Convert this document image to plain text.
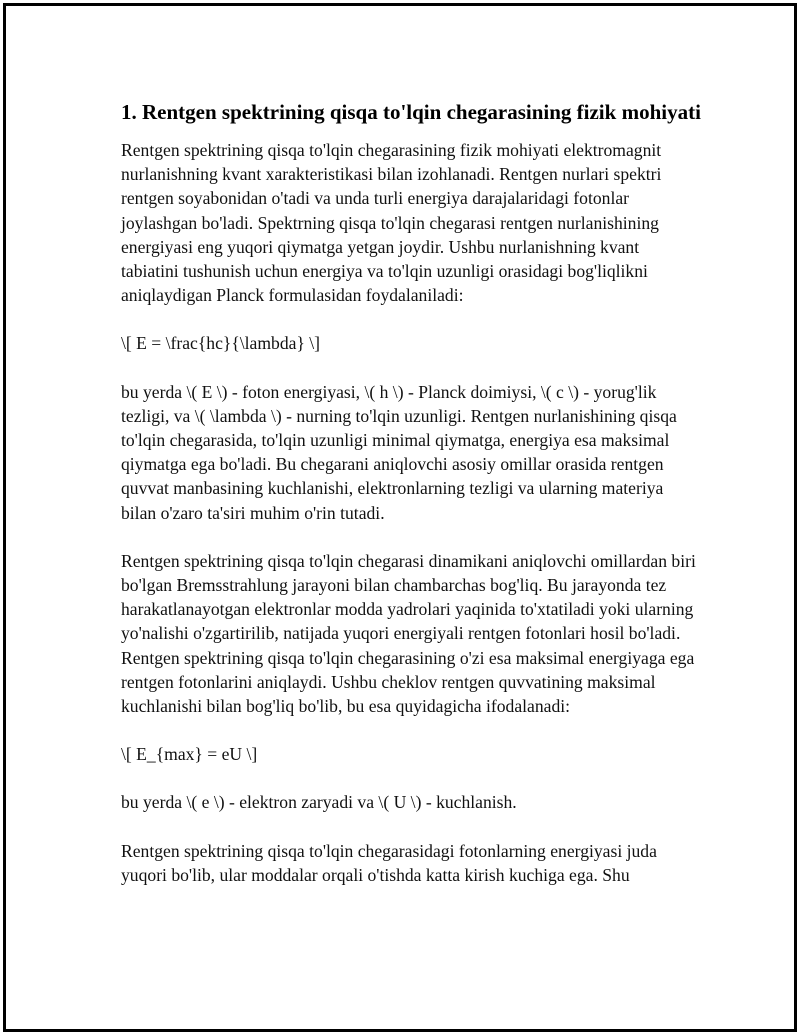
1. Rentgen spektrining qisqa to'lqin chegarasining fizik mohiyati
Rentgen spektrining qisqa to'lqin chegarasining fizik mohiyati elektromagnit nurlanishning kvant xarakteristikasi bilan izohlanadi. Rentgen nurlari spektri rentgen soyabonidan o'tadi va unda turli energiya darajalaridagi fotonlar joylashgan bo'ladi. Spektrning qisqa to'lqin chegarasi rentgen nurlanishining energiyasi eng yuqori qiymatga yetgan joydir. Ushbu nurlanishning kvant tabiatini tushunish uchun energiya va to'lqin uzunligi orasidagi bog'liqlikni aniqlaydigan Planck formulasidan foydalaniladi:
\[ E = \frac{hc}{\lambda} \]
bu yerda \( E \) - foton energiyasi, \( h \) - Planck doimiysi, \( c \) - yorug'lik tezligi, va \( \lambda \) - nurning to'lqin uzunligi. Rentgen nurlanishining qisqa to'lqin chegarasida, to'lqin uzunligi minimal qiymatga, energiya esa maksimal qiymatga ega bo'ladi. Bu chegarani aniqlovchi asosiy omillar orasida rentgen quvvat manbasining kuchlanishi, elektronlarning tezligi va ularning materiya bilan o'zaro ta'siri muhim o'rin tutadi.
Rentgen spektrining qisqa to'lqin chegarasi dinamikani aniqlovchi omillardan biri bo'lgan Bremsstrahlung jarayoni bilan chambarchas bog'liq. Bu jarayonda tez harakatlanayotgan elektronlar modda yadrolari yaqinida to'xtatiladi yoki ularning yo'nalishi o'zgartirilib, natijada yuqori energiyali rentgen fotonlari hosil bo'ladi. Rentgen spektrining qisqa to'lqin chegarasining o'zi esa maksimal energiyaga ega rentgen fotonlarini aniqlaydi. Ushbu cheklov rentgen quvvatining maksimal kuchlanishi bilan bog'liq bo'lib, bu esa quyidagicha ifodalanadi:
\[ E_{max} = eU \]
bu yerda \( e \) - elektron zaryadi va \( U \) - kuchlanish.
Rentgen spektrining qisqa to'lqin chegarasidagi fotonlarning energiyasi juda yuqori bo'lib, ular moddalar orqali o'tishda katta kirish kuchiga ega. Shu
